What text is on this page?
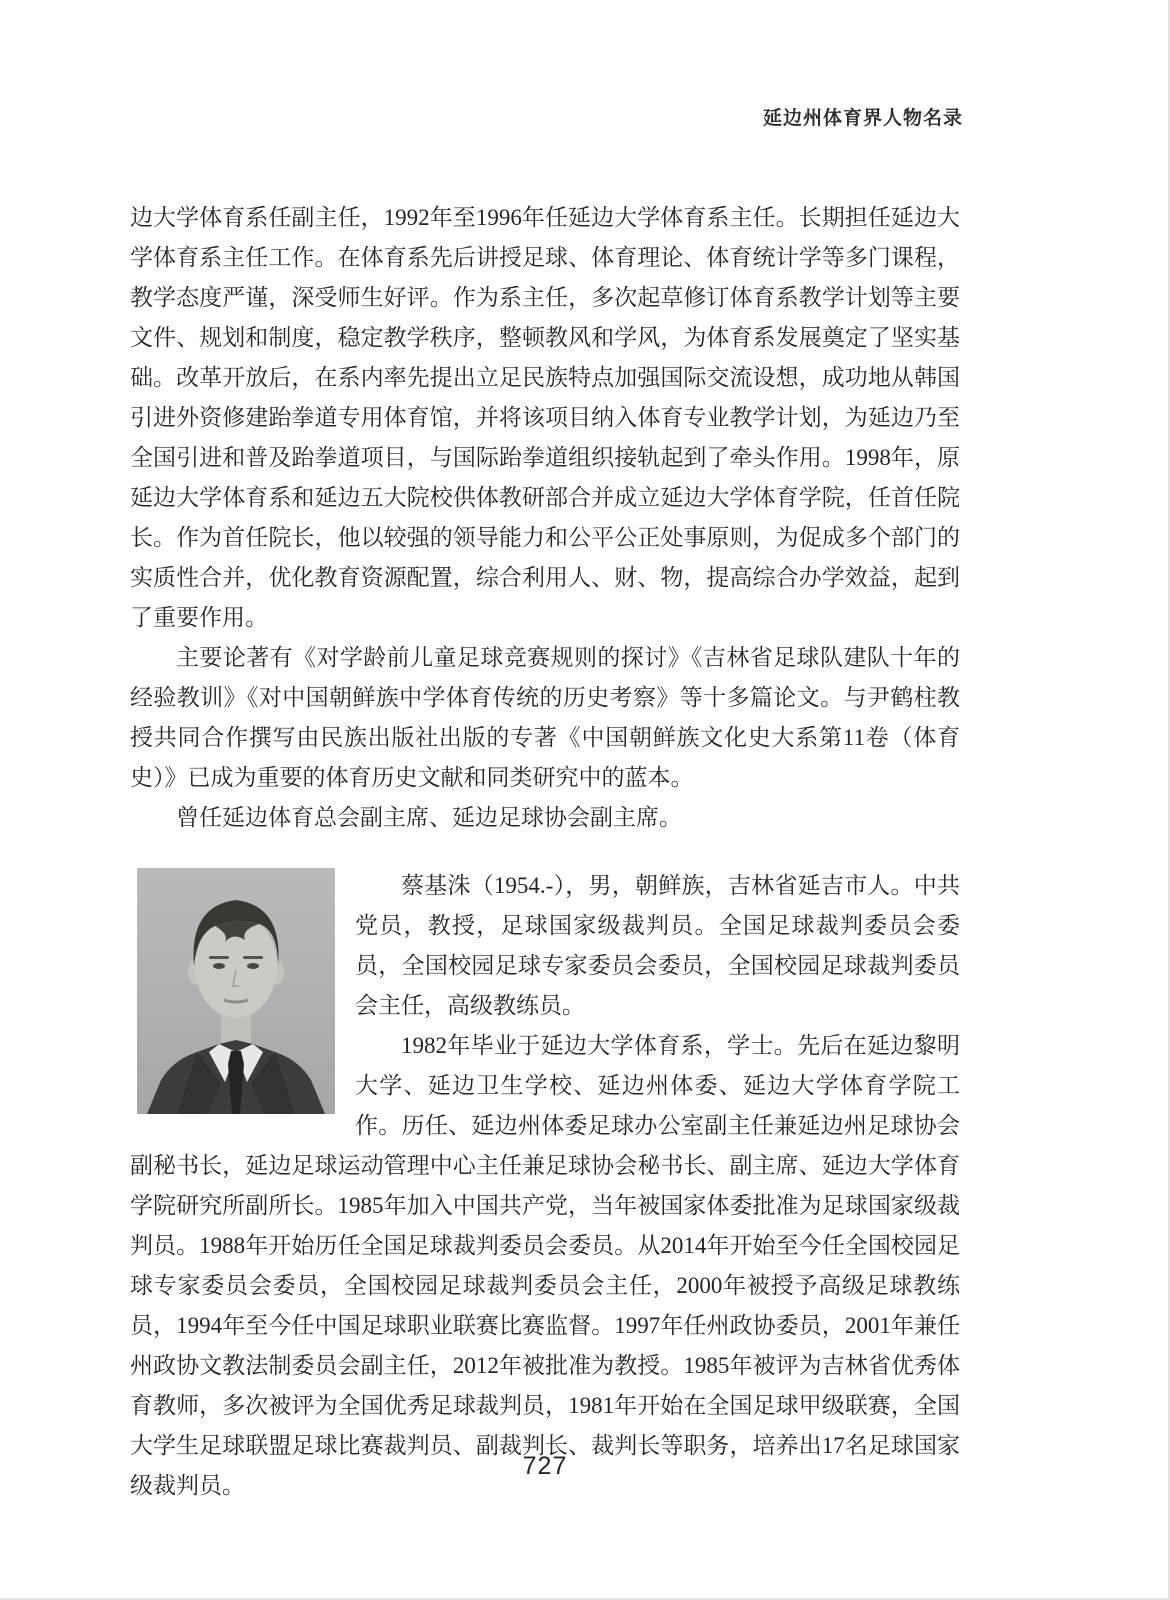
延边州体育界人物名录

边大学体育系任副主任，1992年至1996年任延边大学体育系主任。长期担任延边大学体育系主任工作。在体育系先后讲授足球、体育理论、体育统计学等多门课程，教学态度严谨，深受师生好评。作为系主任，多次起草修订体育系教学计划等主要文件、规划和制度，稳定教学秩序，整顿教风和学风，为体育系发展奠定了坚实基础。改革开放后，在系内率先提出立足民族特点加强国际交流设想，成功地从韩国引进外资修建跆拳道专用体育馆，并将该项目纳入体育专业教学计划，为延边乃至全国引进和普及跆拳道项目，与国际跆拳道组织接轨起到了牵头作用。1998年，原延边大学体育系和延边五大院校供体教研部合并成立延边大学体育学院，任首任院长。作为首任院长，他以较强的领导能力和公平公正处事原则，为促成多个部门的实质性合并，优化教育资源配置，综合利用人、财、物，提高综合办学效益，起到了重要作用。

主要论著有《对学龄前儿童足球竞赛规则的探讨》《吉林省足球队建队十年的经验教训》《对中国朝鲜族中学体育传统的历史考察》等十多篇论文。与尹鹤柱教授共同合作撰写由民族出版社出版的专著《中国朝鲜族文化史大系第11卷（体育史）》已成为重要的体育历史文献和同类研究中的蓝本。

曾任延边体育总会副主席、延边足球协会副主席。

蔡基洙（1954.-），男，朝鲜族，吉林省延吉市人。中共党员，教授，足球国家级裁判员。全国足球裁判委员会委员，全国校园足球专家委员会委员，全国校园足球裁判委员会主任，高级教练员。

1982年毕业于延边大学体育系，学士。先后在延边黎明大学、延边卫生学校、延边州体委、延边大学体育学院工作。历任、延边州体委足球办公室副主任兼延边州足球协会副秘书长，延边足球运动管理中心主任兼足球协会秘书长、副主席、延边大学体育学院研究所副所长。1985年加入中国共产党，当年被国家体委批准为足球国家级裁判员。1988年开始历任全国足球裁判委员会委员。从2014年开始至今任全国校园足球专家委员会委员，全国校园足球裁判委员会主任，2000年被授予高级足球教练员，1994年至今任中国足球职业联赛比赛监督。1997年任州政协委员，2001年兼任州政协文教法制委员会副主任，2012年被批准为教授。1985年被评为吉林省优秀体育教师，多次被评为全国优秀足球裁判员，1981年开始在全国足球甲级联赛，全国大学生足球联盟足球比赛裁判员、副裁判长、裁判长等职务，培养出17名足球国家级裁判员。

727
